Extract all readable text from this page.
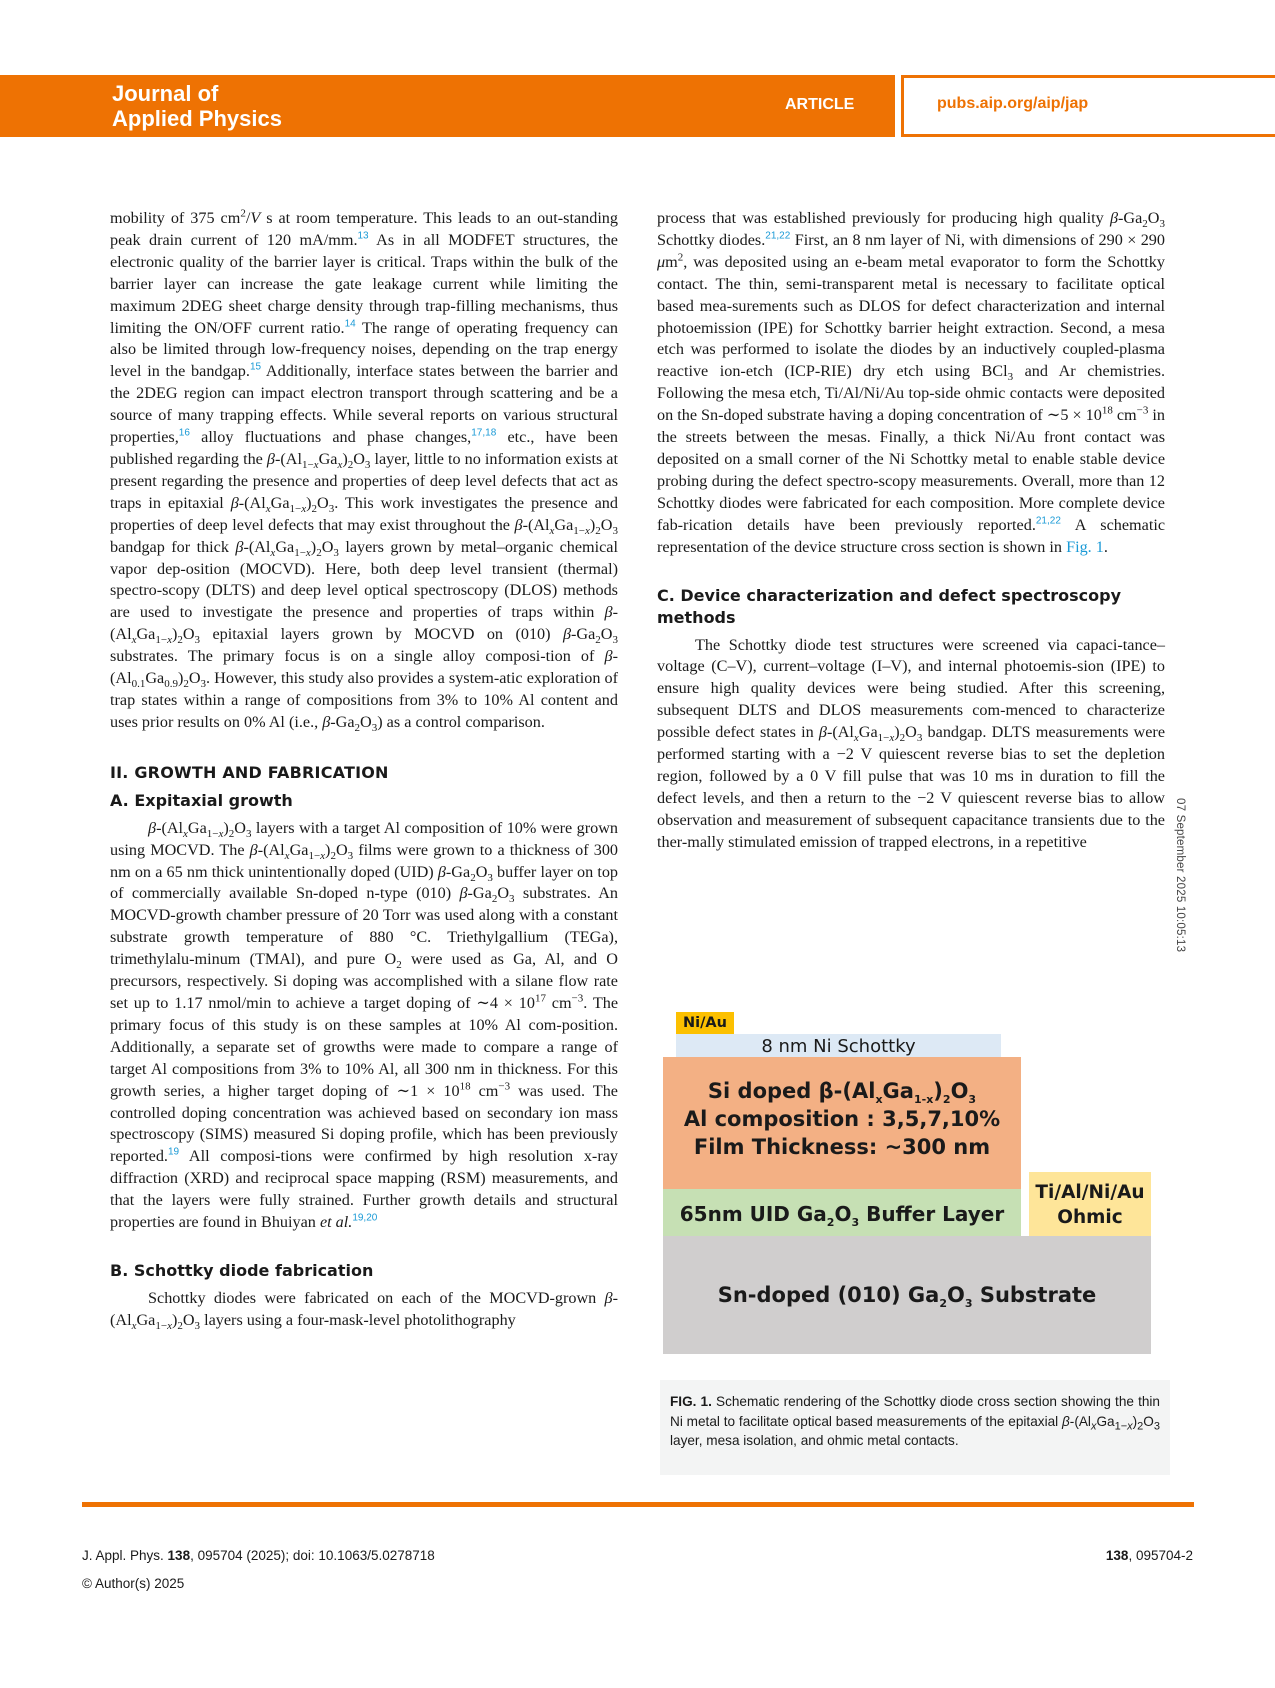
Journal of
Applied Physics
ARTICLE	pubs.aip.org/aip/jap

mobility of 375 $cm^2/V$ s at room temperature. This leads to an out-standing peak drain current of 120 mA/mm.$^{13}$ As in all MODFET structures, the electronic quality of the barrier layer is critical. Traps within the bulk of the barrier layer can increase the gate leakage current while limiting the maximum 2DEG sheet charge density through trap-filling mechanisms, thus limiting the ON/OFF current ratio.$^{14}$ The range of operating frequency can also be limited through low-frequency noises, depending on the trap energy level in the bandgap.$^{15}$ Additionally, interface states between the barrier and the 2DEG region can impact electron transport through scattering and be a source of many trapping effects. While several reports on various structural properties,$^{16}$ alloy fluctuations and phase changes,$^{17,18}$ etc., have been published regarding the $\beta-(Al_{1-x}Ga_x)_2O_3$ layer, little to no information exists at present regarding the presence and properties of deep level defects that act as traps in epitaxial $\beta-(Al_xGa_{1-x})_2O_3$. This work investigates the presence and properties of deep level defects that may exist throughout the $\beta-(Al_xGa_{1-x})_2O_3$ bandgap for thick $\beta-(Al_xGa_{1-x})_2O_3$ layers grown by metal–organic chemical vapor dep-osition (MOCVD). Here, both deep level transient (thermal) spectro-scopy (DLTS) and deep level optical spectroscopy (DLOS) methods are used to investigate the presence and properties of traps within $\beta-(Al_xGa_{1-x})_2O_3$ epitaxial layers grown by MOCVD on (010) $\beta-Ga_2O_3$ substrates. The primary focus is on a single alloy composi-tion of $\beta-(Al_{0.1}Ga_{0.9})_2O_3$. However, this study also provides a system-atic exploration of trap states within a range of compositions from 3% to 10% Al content and uses prior results on 0% Al (i.e., $\beta-Ga_2O_3$) as a control comparison.

II. GROWTH AND FABRICATION
A. Expitaxial growth

$\beta-(Al_xGa_{1-x})_2O_3$ layers with a target Al composition of 10% were grown using MOCVD. The $\beta-(Al_xGa_{1-x})_2O_3$ films were grown to a thickness of 300 nm on a 65 nm thick unintentionally doped (UID) $\beta-Ga_2O_3$ buffer layer on top of commercially available Sn-doped n-type (010) $\beta-Ga_2O_3$ substrates. An MOCVD-growth chamber pressure of 20 Torr was used along with a constant substrate growth temperature of 880 °C. Triethylgallium (TEGa), trimethylalu-minum (TMAl), and pure $O_2$ were used as Ga, Al, and O precursors, respectively. Si doping was accomplished with a silane flow rate set up to 1.17 nmol/min to achieve a target doping of ∼4 × $10^{17}$ $cm^{-3}$. The primary focus of this study is on these samples at 10% Al com-position. Additionally, a separate set of growths were made to compare a range of target Al compositions from 3% to 10% Al, all 300 nm in thickness. For this growth series, a higher target doping of ∼1 × $10^{18}$ $cm^{-3}$ was used. The controlled doping concentration was achieved based on secondary ion mass spectroscopy (SIMS) measured Si doping profile, which has been previously reported.$^{19}$ All composi-tions were confirmed by high resolution x-ray diffraction (XRD) and reciprocal space mapping (RSM) measurements, and that the layers were fully strained. Further growth details and structural properties are found in Bhuiyan et al.$^{19,20}$

B. Schottky diode fabrication

Schottky diodes were fabricated on each of the MOCVD-grown $\beta-(Al_xGa_{1-x})_2O_3$ layers using a four-mask-level photolithography

process that was established previously for producing high quality $\beta-Ga_2O_3$ Schottky diodes.$^{21,22}$ First, an 8 nm layer of Ni, with dimensions of 290 × 290 $\mu m^2$, was deposited using an e-beam metal evaporator to form the Schottky contact. The thin, semi-transparent metal is necessary to facilitate optical based mea-surements such as DLOS for defect characterization and internal photoemission (IPE) for Schottky barrier height extraction. Second, a mesa etch was performed to isolate the diodes by an inductively coupled-plasma reactive ion-etch (ICP-RIE) dry etch using BCl$_3$ and Ar chemistries. Following the mesa etch, Ti/Al/Ni/Au top-side ohmic contacts were deposited on the Sn-doped substrate having a doping concentration of ∼5 × $10^{18}$ $cm^{-3}$ in the streets between the mesas. Finally, a thick Ni/Au front contact was deposited on a small corner of the Ni Schottky metal to enable stable device probing during the defect spectro-scopy measurements. Overall, more than 12 Schottky diodes were fabricated for each composition. More complete device fab-rication details have been previously reported.$^{21,22}$ A schematic representation of the device structure cross section is shown in Fig. 1.

C. Device characterization and defect spectroscopy methods

The Schottky diode test structures were screened via capaci-tance–voltage (C–V), current–voltage (I–V), and internal photoemis-sion (IPE) to ensure high quality devices were being studied. After this screening, subsequent DLTS and DLOS measurements com-menced to characterize possible defect states in $\beta-(Al_xGa_{1-x})_2O_3$ bandgap. DLTS measurements were performed starting with a −2 V quiescent reverse bias to set the depletion region, followed by a 0 V fill pulse that was 10 ms in duration to fill the defect levels, and then a return to the −2 V quiescent reverse bias to allow observation and measurement of subsequent capacitance transients due to the ther-mally stimulated emission of trapped electrons, in a repetitive	07 September 2025 10:05:13
Ni/Au
8 nm Ni Schottky
Si doped $\beta-(Al_xGa_{1-x})_2O_3$
Al composition : 3,5,7,10%
Film Thickness: ~300 nm
65nm UID $Ga_2O_3$ Buffer Layer
Ti/Al/Ni/Au
Ohmic
Sn-doped (010) $Ga_2O_3$ Substrate
FIG. 1. Schematic rendering of the Schottky diode cross section showing the thin Ni metal to facilitate optical based measurements of the epitaxial $\beta-(Al_xGa_{1-x})_2O_3$ layer, mesa isolation, and ohmic metal contacts.
J. Appl. Phys. 138, 095704 (2025); doi: 10.1063/5.0278718
© Author(s) 2025
138, 095704-2
